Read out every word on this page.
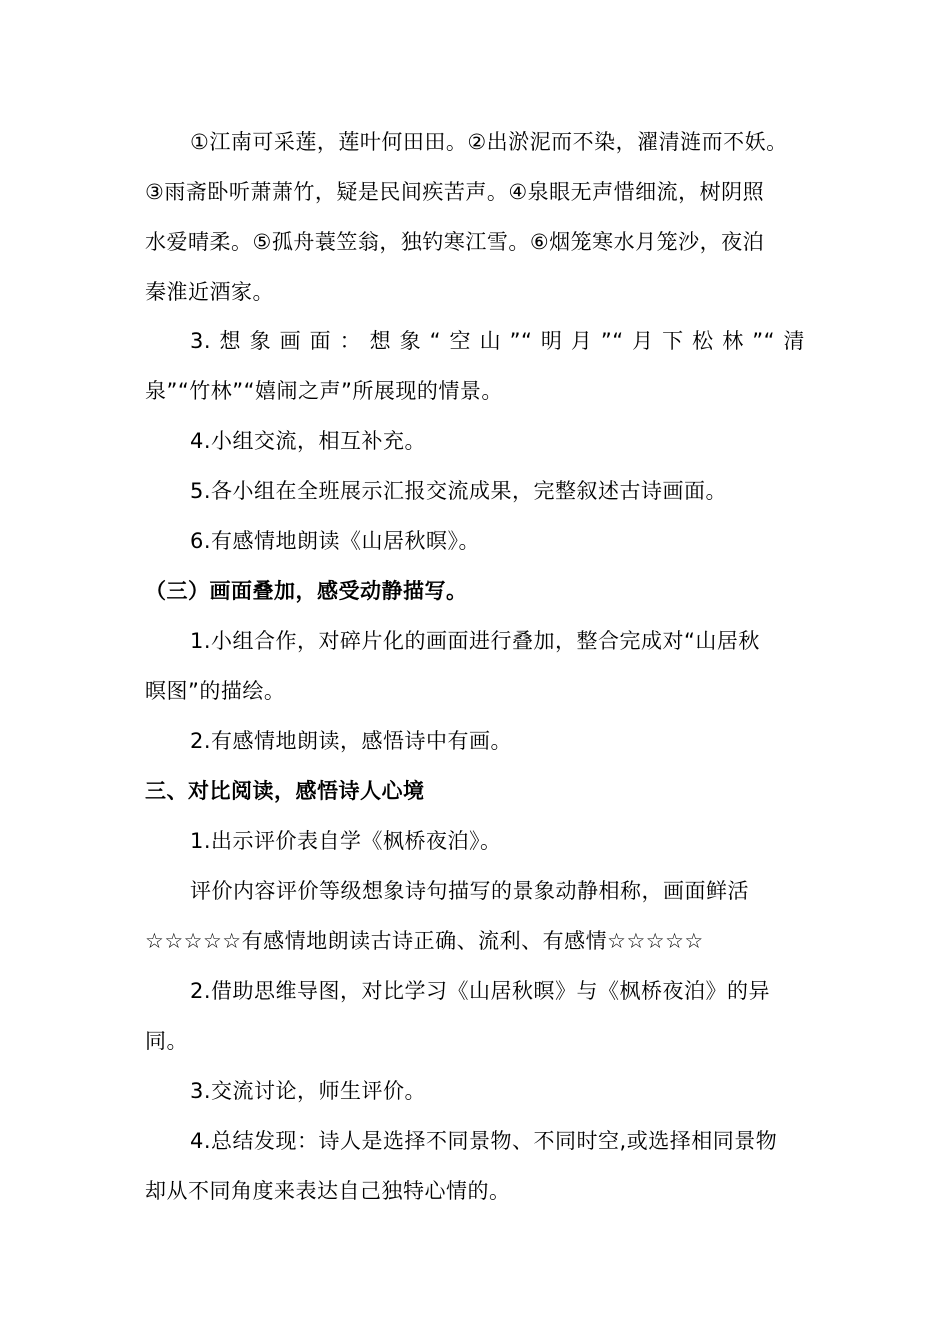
①江南可采莲，莲叶何田田。②出淤泥而不染，濯清涟而不妖。
③雨斋卧听萧萧竹，疑是民间疾苦声。④泉眼无声惜细流，树阴照
水爱晴柔。⑤孤舟蓑笠翁，独钓寒江雪。⑥烟笼寒水月笼沙，夜泊
秦淮近酒家。
3.想象画面：想象“空山”“明月”“月下松林”“清
泉”“竹林”“嬉闹之声”所展现的情景。
4.小组交流，相互补充。
5.各小组在全班展示汇报交流成果，完整叙述古诗画面。
6.有感情地朗读《山居秋暝》。
（三）画面叠加，感受动静描写。
1.小组合作，对碎片化的画面进行叠加，整合完成对“山居秋
暝图”的描绘。
2.有感情地朗读，感悟诗中有画。
三、对比阅读，感悟诗人心境
1.出示评价表自学《枫桥夜泊》。
评价内容评价等级想象诗句描写的景象动静相称，画面鲜活
☆☆☆☆☆有感情地朗读古诗正确、流利、有感情☆☆☆☆☆
2.借助思维导图，对比学习《山居秋暝》与《枫桥夜泊》的异
同。
3.交流讨论，师生评价。
4.总结发现：诗人是选择不同景物、不同时空,或选择相同景物
却从不同角度来表达自己独特心情的。
